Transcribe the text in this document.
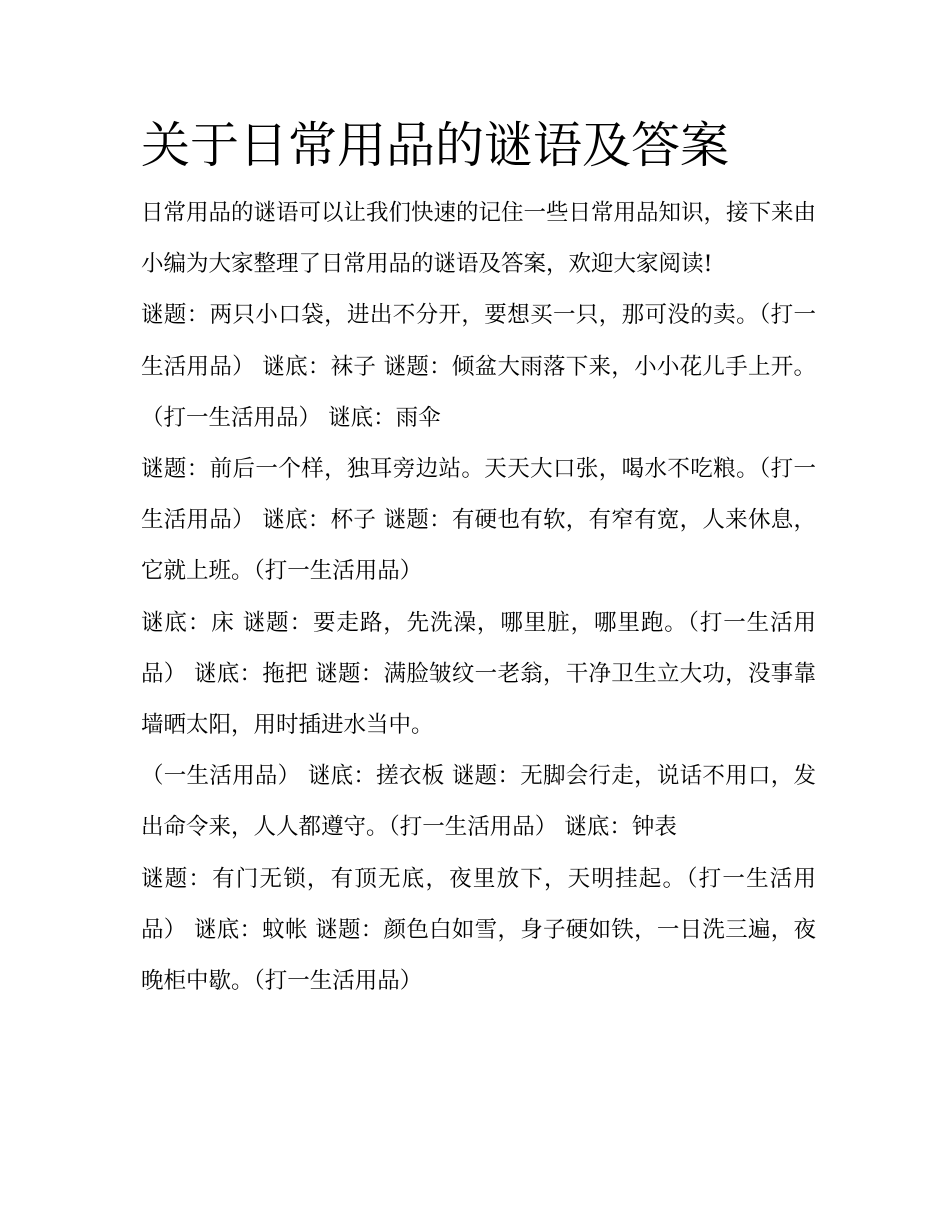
关于日常用品的谜语及答案

日常用品的谜语可以让我们快速的记住一些日常用品知识，接下来由小编为大家整理了日常用品的谜语及答案，欢迎大家阅读!

谜题：两只小口袋，进出不分开，要想买一只，那可没的卖。（打一生活用品） 谜底：袜子 谜题：倾盆大雨落下来，小小花儿手上开。（打一生活用品） 谜底：雨伞

谜题：前后一个样，独耳旁边站。天天大口张，喝水不吃粮。（打一生活用品） 谜底：杯子 谜题：有硬也有软，有窄有宽，人来休息，它就上班。（打一生活用品）

谜底：床 谜题：要走路，先洗澡，哪里脏，哪里跑。（打一生活用品） 谜底：拖把 谜题：满脸皱纹一老翁，干净卫生立大功，没事靠墙晒太阳，用时插进水当中。

（一生活用品） 谜底：搓衣板 谜题：无脚会行走，说话不用口，发出命令来，人人都遵守。（打一生活用品） 谜底：钟表

谜题：有门无锁，有顶无底，夜里放下，天明挂起。（打一生活用品） 谜底：蚊帐 谜题：颜色白如雪，身子硬如铁，一日洗三遍，夜晚柜中歇。（打一生活用品）
